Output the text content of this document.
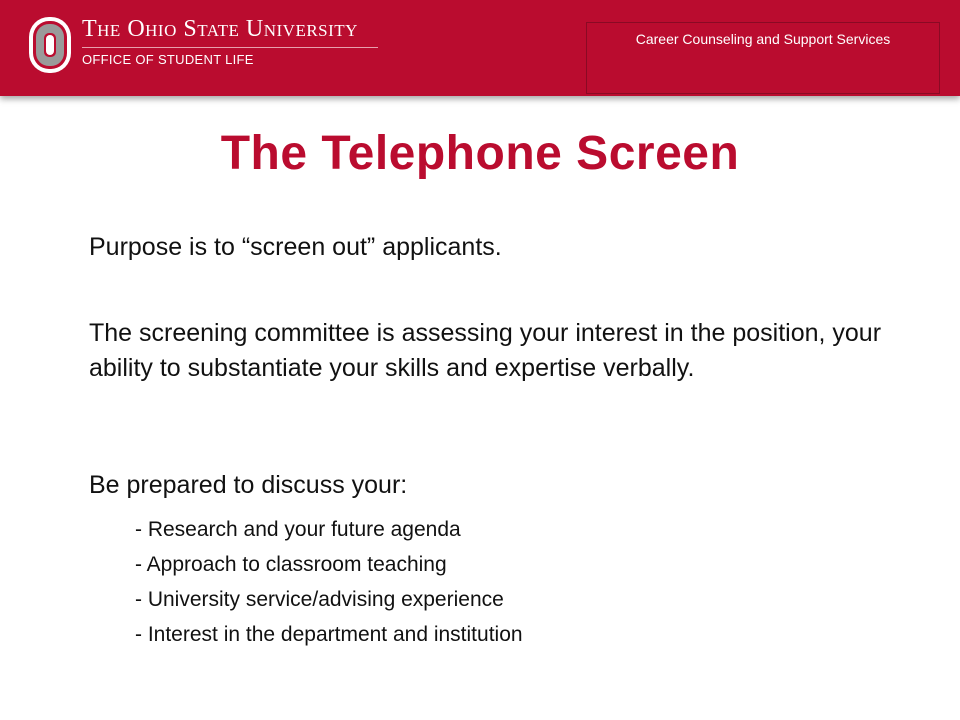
The Ohio State University
OFFICE OF STUDENT LIFE
Career Counseling and Support Services
The Telephone Screen
Purpose is to “screen out” applicants.
The screening committee is assessing your interest in the position, your ability to substantiate your skills and expertise verbally.
Be prepared to discuss your:
- Research and your future agenda
- Approach to classroom teaching
- University service/advising experience
- Interest in the department and institution
